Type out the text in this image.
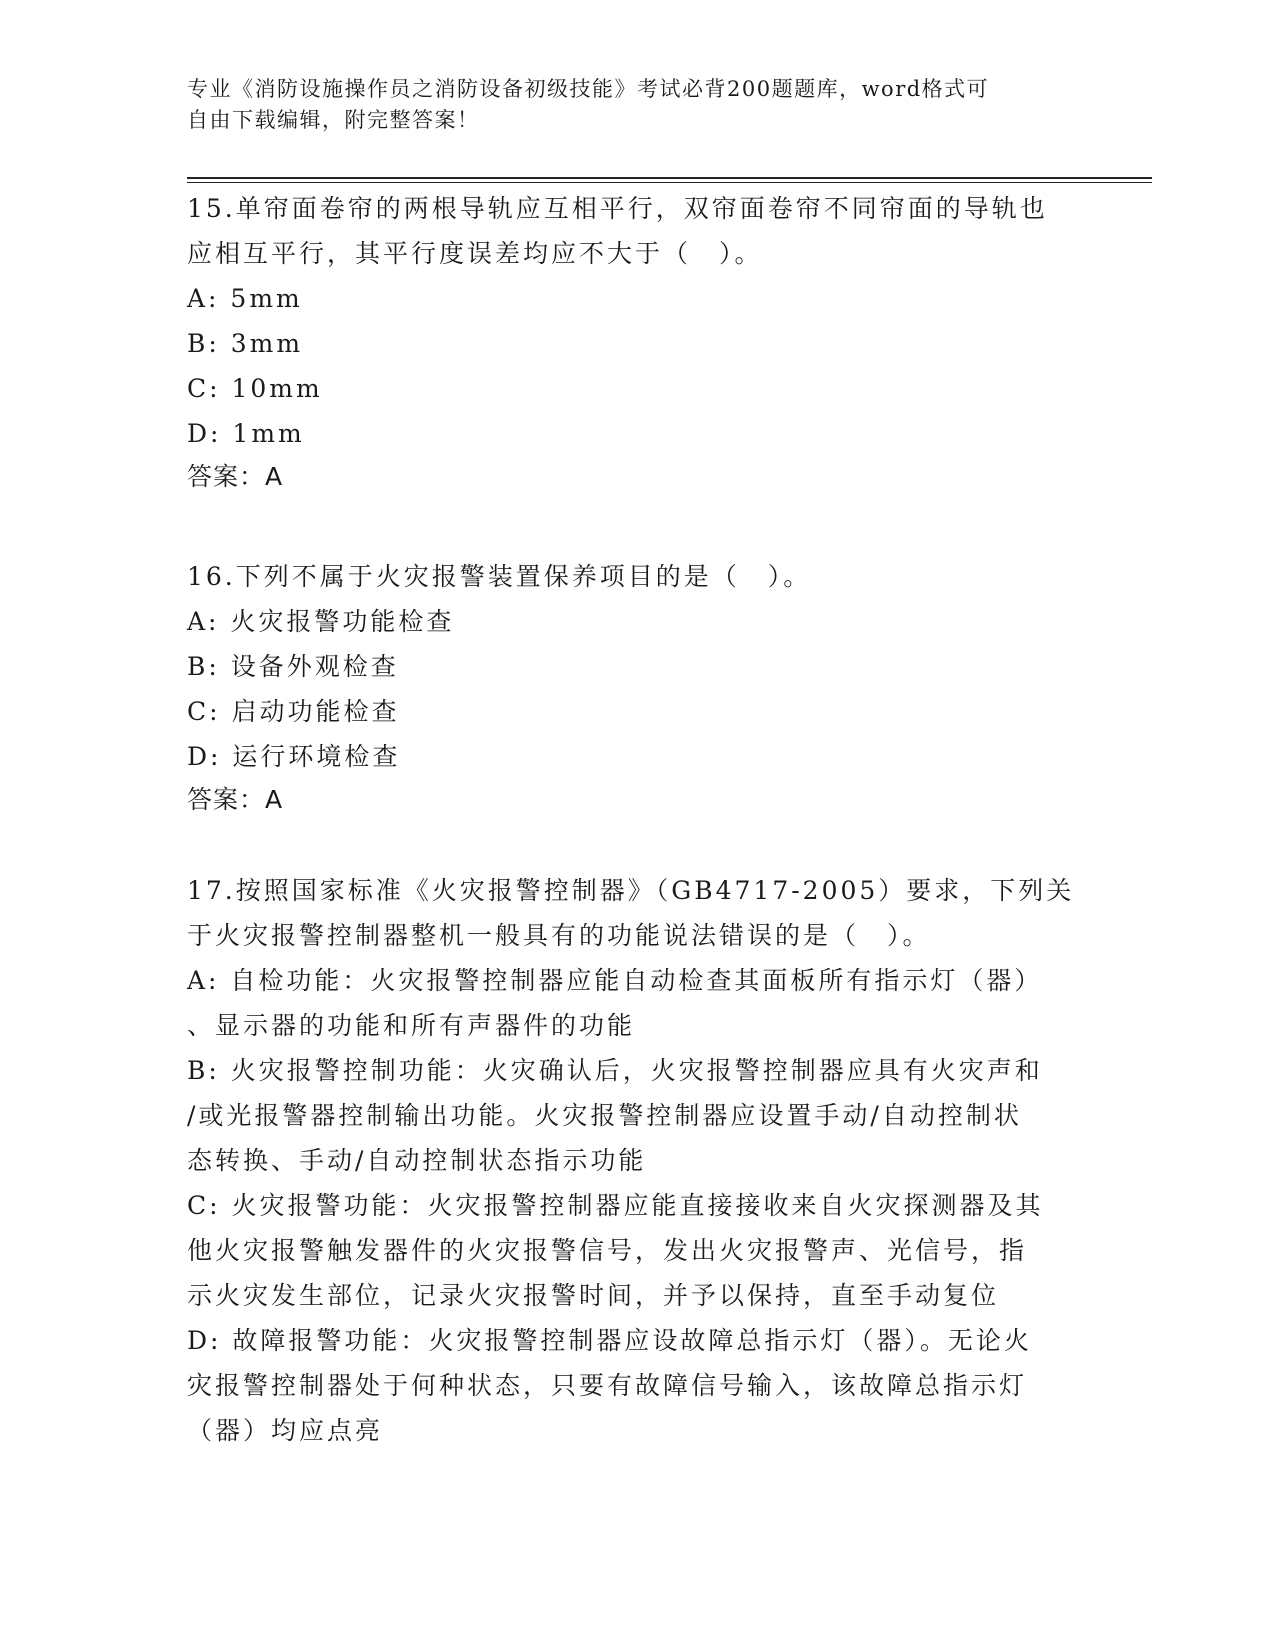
专业《消防设施操作员之消防设备初级技能》考试必背200题题库，word格式可
自由下载编辑，附完整答案！
15.单帘面卷帘的两根导轨应互相平行，双帘面卷帘不同帘面的导轨也
应相互平行，其平行度误差均应不大于（　）。
A: 5mm
B: 3mm
C: 10mm
D: 1mm
答案：A
16.下列不属于火灾报警装置保养项目的是（　）。
A: 火灾报警功能检查
B: 设备外观检查
C: 启动功能检查
D: 运行环境检查
答案：A
17.按照国家标准《火灾报警控制器》（GB4717-2005）要求，下列关
于火灾报警控制器整机一般具有的功能说法错误的是（　）。
A: 自检功能：火灾报警控制器应能自动检查其面板所有指示灯（器）
、显示器的功能和所有声器件的功能
B: 火灾报警控制功能：火灾确认后，火灾报警控制器应具有火灾声和
/或光报警器控制输出功能。火灾报警控制器应设置手动/自动控制状
态转换、手动/自动控制状态指示功能
C: 火灾报警功能：火灾报警控制器应能直接接收来自火灾探测器及其
他火灾报警触发器件的火灾报警信号，发出火灾报警声、光信号，指
示火灾发生部位，记录火灾报警时间，并予以保持，直至手动复位
D: 故障报警功能：火灾报警控制器应设故障总指示灯（器）。无论火
灾报警控制器处于何种状态，只要有故障信号输入，该故障总指示灯
（器）均应点亮
